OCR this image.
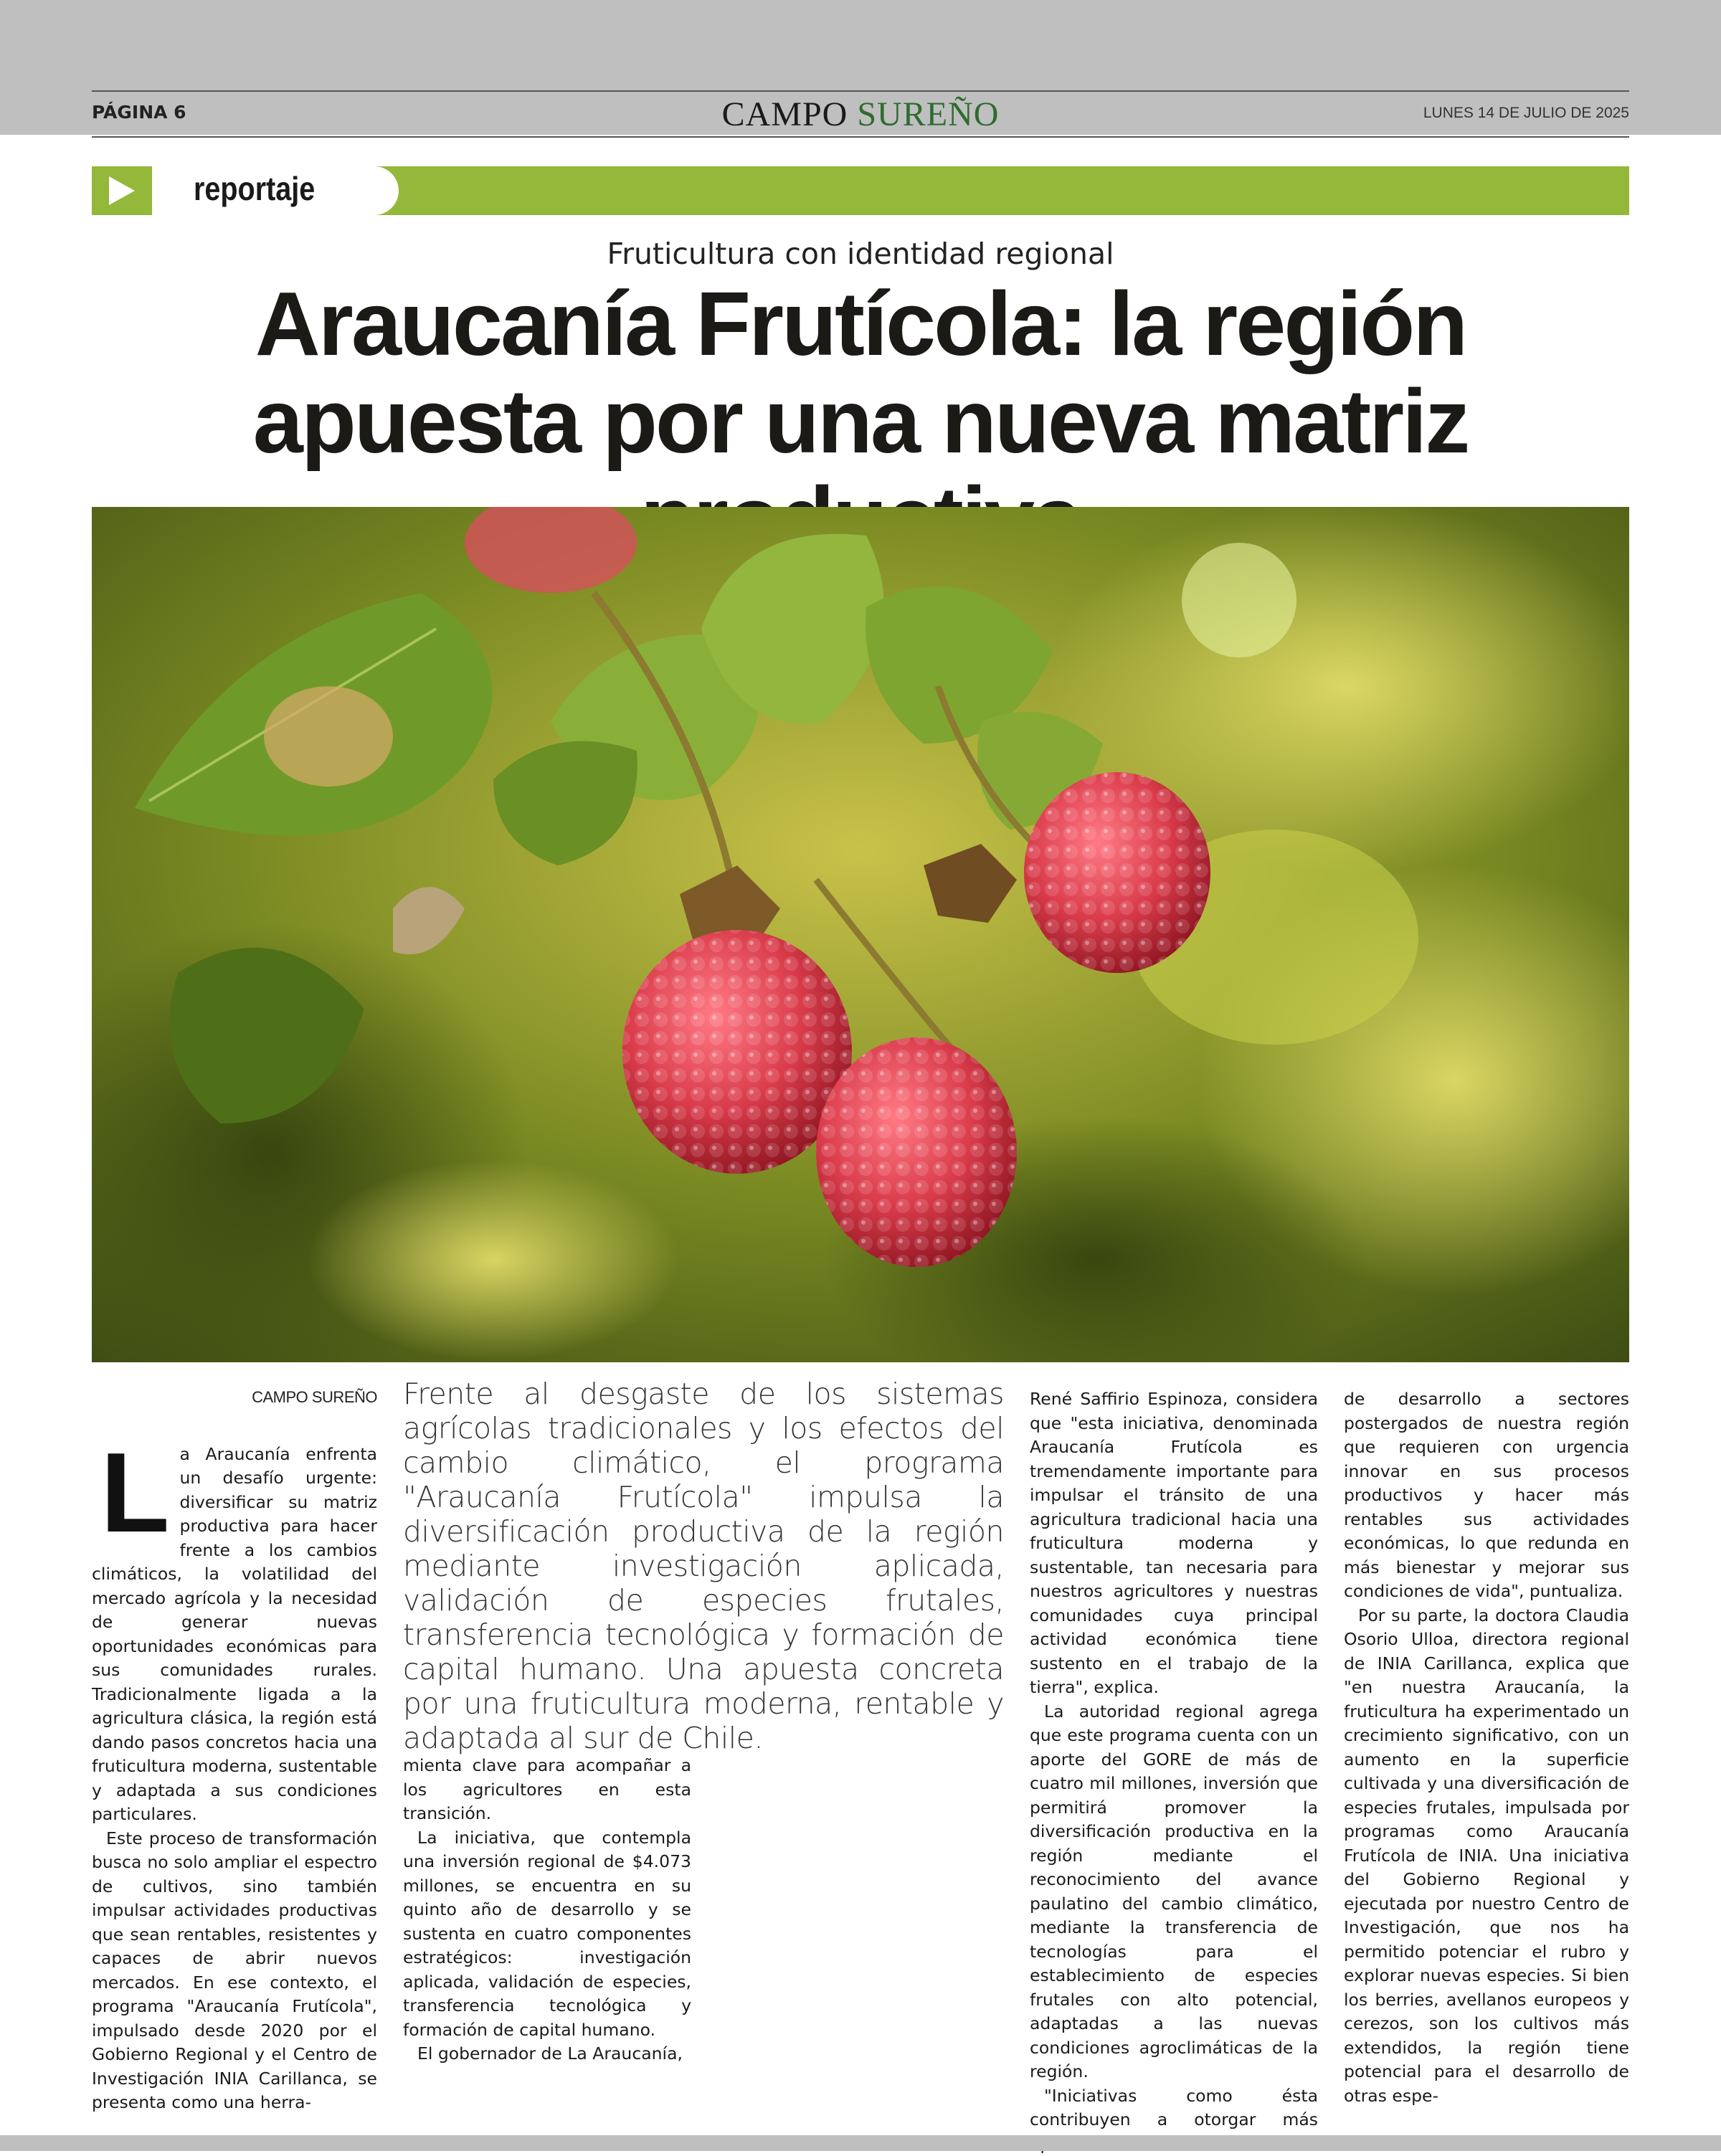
PÁGINA 6	CAMPO SUREÑO	LUNES 14 DE JULIO DE 2025
reportaje
Fruticultura con identidad regional
Araucanía Frutícola: la región apuesta por una nueva matriz
CAMPO SUREÑO
L a Araucanía enfrenta un desafío urgente: diversificar su matriz productiva para hacer frente a los cambios climáticos, la volatilidad del mercado agrícola y la necesidad de generar nuevas oportunidades económicas para sus comunidades rurales. Tradicionalmente ligada a la agricultura clásica, la región está dando pasos concretos hacia una fruticultura moderna, sustentable y adaptada a sus condiciones particulares.

Este proceso de transformación busca no solo ampliar el espectro de cultivos, sino también impulsar actividades productivas que sean rentables, resistentes y capaces de abrir nuevos mercados. En ese contexto, el programa "Araucanía Frutícola", impulsado desde 2020 por el Gobierno Regional y el Centro de Investigación INIA Carillanca, se presenta como una herra-

Frente al desgaste de los sistemas agrícolas tradicionales y los efectos del cambio climático, el programa "Araucanía Frutícola" impulsa la diversificación productiva de la región mediante investigación aplicada, validación de especies frutales, transferencia tecnológica y formación de capital humano. Una apuesta concreta por una fruticultura moderna, rentable y adaptada al sur de Chile.

mienta clave para acompañar a los agricultores en esta transición.

La iniciativa, que contempla una inversión regional de $4.073 millones, se encuentra en su quinto año de desarrollo y se sustenta en cuatro componentes estratégicos: investigación aplicada, validación de especies, transferencia tecnológica y formación de capital humano.

El gobernador de La Araucanía,

René Saffirio Espinoza, considera que "esta iniciativa, denominada Araucanía Frutícola es tremendamente importante para impulsar el tránsito de una agricultura tradicional hacia una fruticultura moderna y sustentable, tan necesaria para nuestros agricultores y nuestras comunidades cuya principal actividad económica tiene sustento en el trabajo de la tierra", explica.

La autoridad regional agrega que este programa cuenta con un aporte del GORE de más de cuatro mil millones, inversión que permitirá promover la diversificación productiva en la región mediante el reconocimiento del avance paulatino del cambio climático, mediante la transferencia de tecnologías para el establecimiento de especies frutales con alto potencial, adaptadas a las nuevas condiciones agroclimáticas de la región.

"Iniciativas como ésta contribuyen a otorgar más

de desarrollo a sectores postergados de nuestra región que requieren con urgencia innovar en sus procesos productivos y hacer más rentables sus actividades económicas, lo que redunda en más bienestar y mejorar sus condiciones de vida", puntualiza.

Por su parte, la doctora Claudia Osorio Ulloa, directora regional de INIA Carillanca, explica que "en nuestra Araucanía, la fruticultura ha experimentado un crecimiento significativo, con un aumento en la superficie cultivada y una diversificación de especies frutales, impulsada por programas como Araucanía Frutícola de INIA. Una iniciativa del Gobierno Regional y ejecutada por nuestro Centro de Investigación, que nos ha permitido potenciar el rubro y explorar nuevas especies. Si bien los berries, avellanos europeos y cerezos, son los cultivos más extendidos, la región tiene potencial para el desarrollo de otras espe-
